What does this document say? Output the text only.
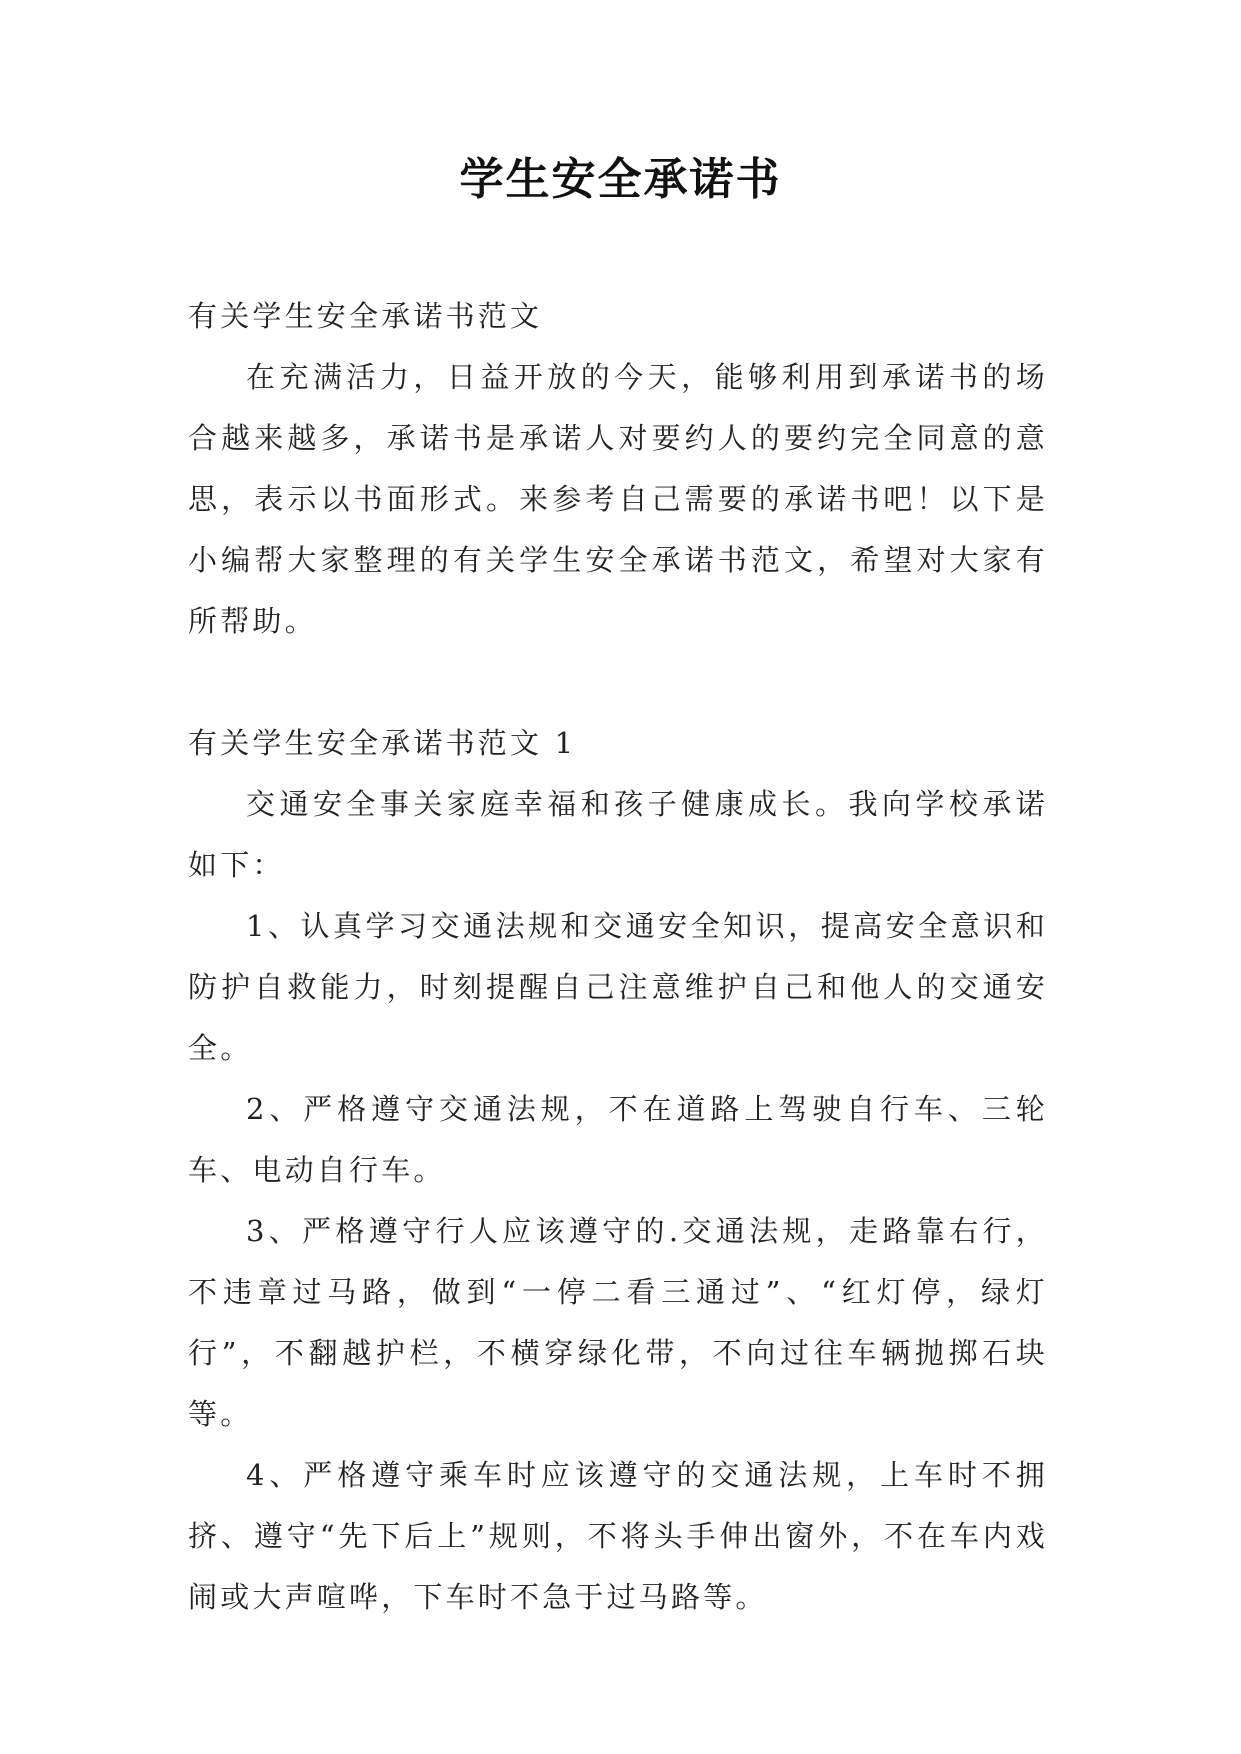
学生安全承诺书

有关学生安全承诺书范文

在充满活力，日益开放的今天，能够利用到承诺书的场合越来越多，承诺书是承诺人对要约人的要约完全同意的意思，表示以书面形式。来参考自己需要的承诺书吧！以下是小编帮大家整理的有关学生安全承诺书范文，希望对大家有所帮助。

有关学生安全承诺书范文 1

交通安全事关家庭幸福和孩子健康成长。我向学校承诺如下：

1、认真学习交通法规和交通安全知识，提高安全意识和防护自救能力，时刻提醒自己注意维护自己和他人的交通安全。

2、严格遵守交通法规，不在道路上驾驶自行车、三轮车、电动自行车。

3、严格遵守行人应该遵守的.交通法规，走路靠右行，不违章过马路，做到“一停二看三通过”、“红灯停，绿灯行”，不翻越护栏，不横穿绿化带，不向过往车辆抛掷石块等。

4、严格遵守乘车时应该遵守的交通法规，上车时不拥挤、遵守“先下后上”规则，不将头手伸出窗外，不在车内戏闹或大声喧哗，下车时不急于过马路等。
